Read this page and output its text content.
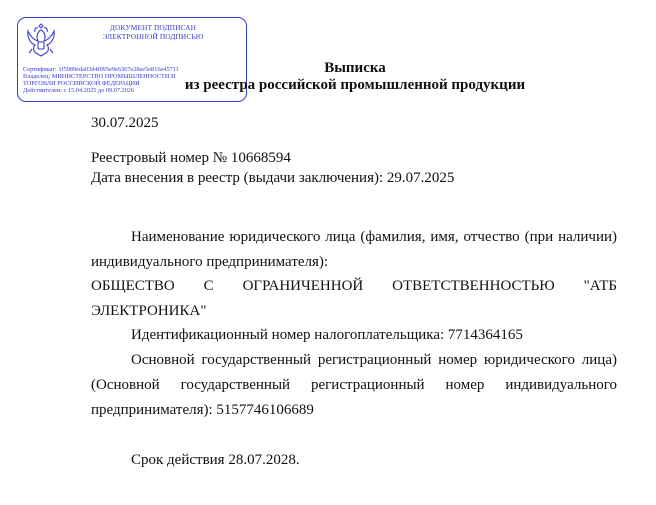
ДОКУМЕНТ ПОДПИСАН
ЭЛЕКТРОННОЙ ПОДПИСЬЮ
Сертификат: 1f5989eda03d4f095e9e6367e28ee5e816e45711
Владелец: МИНИСТЕРСТВО ПРОМЫШЛЕННОСТИ И
ТОРГОВЛИ РОССИЙСКОЙ ФЕДЕРАЦИИ
Действителен: с 15.04.2025 до 09.07.2026
Выписка
из реестра российской промышленной продукции
30.07.2025
Реестровый номер № 10668594
Дата внесения в реестр (выдачи заключения): 29.07.2025
Наименование юридического лица (фамилия, имя, отчество (при наличии) индивидуального предпринимателя):
ОБЩЕСТВО С ОГРАНИЧЕННОЙ ОТВЕТСТВЕННОСТЬЮ "АТБ ЭЛЕКТРОНИКА"
Идентификационный номер налогоплательщика: 7714364165
Основной государственный регистрационный номер юридического лица) (Основной государственный регистрационный номер индивидуального предпринимателя): 5157746106689
Срок действия 28.07.2028.
